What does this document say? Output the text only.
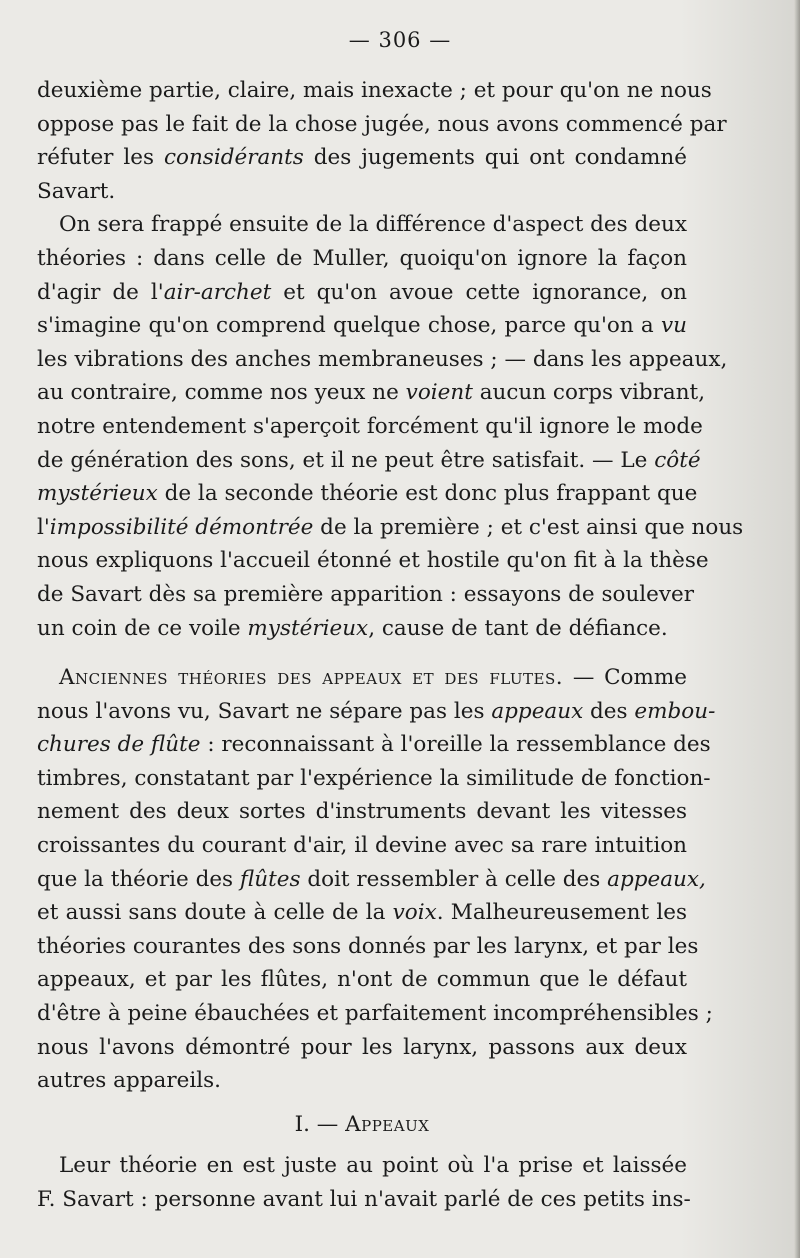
— 306 —
deuxième partie, claire, mais inexacte ; et pour qu'on ne nous
oppose pas le fait de la chose jugée, nous avons commencé par
réfuter les considérants des jugements qui ont condamné
Savart.
On sera frappé ensuite de la différence d'aspect des deux
théories : dans celle de Muller, quoiqu'on ignore la façon
d'agir de l'air-archet et qu'on avoue cette ignorance, on
s'imagine qu'on comprend quelque chose, parce qu'on a vu
les vibrations des anches membraneuses ; — dans les appeaux,
au contraire, comme nos yeux ne voient aucun corps vibrant,
notre entendement s'aperçoit forcément qu'il ignore le mode
de génération des sons, et il ne peut être satisfait. — Le côté
mystérieux de la seconde théorie est donc plus frappant que
l'impossibilité démontrée de la première ; et c'est ainsi que nous
nous expliquons l'accueil étonné et hostile qu'on fit à la thèse
de Savart dès sa première apparition : essayons de soulever
un coin de ce voile mystérieux, cause de tant de défiance.
Anciennes théories des appeaux et des flutes. — Comme
nous l'avons vu, Savart ne sépare pas les appeaux des embou-
chures de flûte : reconnaissant à l'oreille la ressemblance des
timbres, constatant par l'expérience la similitude de fonction-
nement des deux sortes d'instruments devant les vitesses
croissantes du courant d'air, il devine avec sa rare intuition
que la théorie des flûtes doit ressembler à celle des appeaux,
et aussi sans doute à celle de la voix. Malheureusement les
théories courantes des sons donnés par les larynx, et par les
appeaux, et par les flûtes, n'ont de commun que le défaut
d'être à peine ébauchées et parfaitement incompréhensibles ;
nous l'avons démontré pour les larynx, passons aux deux
autres appareils.
I. — Appeaux
Leur théorie en est juste au point où l'a prise et laissée
F. Savart : personne avant lui n'avait parlé de ces petits ins-
